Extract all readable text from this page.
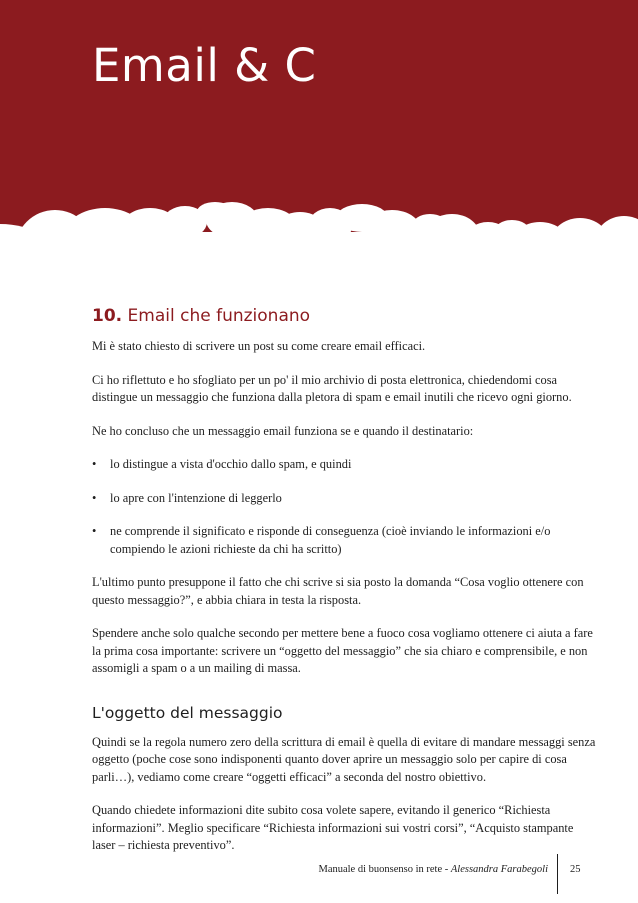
Email & C
10. Email che funzionano

Mi è stato chiesto di scrivere un post su come creare email efficaci.

Ci ho riflettuto e ho sfogliato per un po' il mio archivio di posta elettronica, chiedendomi cosa distingue un messaggio che funziona dalla pletora di spam e email inutili che ricevo ogni giorno.

Ne ho concluso che un messaggio email funziona se e quando il destinatario:

• lo distingue a vista d'occhio dallo spam, e quindi
• lo apre con l'intenzione di leggerlo
• ne comprende il significato e risponde di conseguenza (cioè inviando le informazioni e/o compiendo le azioni richieste da chi ha scritto)

L'ultimo punto presuppone il fatto che chi scrive si sia posto la domanda “Cosa voglio ottenere con questo messaggio?”, e abbia chiara in testa la risposta.

Spendere anche solo qualche secondo per mettere bene a fuoco cosa vogliamo ottenere ci aiuta a fare la prima cosa importante: scrivere un “oggetto del messaggio” che sia chiaro e comprensibile, e non assomigli a spam o a un mailing di massa.

L'oggetto del messaggio

Quindi se la regola numero zero della scrittura di email è quella di evitare di mandare messaggi senza oggetto (poche cose sono indisponenti quanto dover aprire un messaggio solo per capire di cosa parli…), vediamo come creare “oggetti efficaci” a seconda del nostro obiettivo.

Quando chiedete informazioni dite subito cosa volete sapere, evitando il generico “Richiesta informazioni”. Meglio specificare “Richiesta informazioni sui vostri corsi”, “Acquisto stampante laser – richiesta preventivo”.

Manuale di buonsenso in rete - Alessandra Farabegoli 25
